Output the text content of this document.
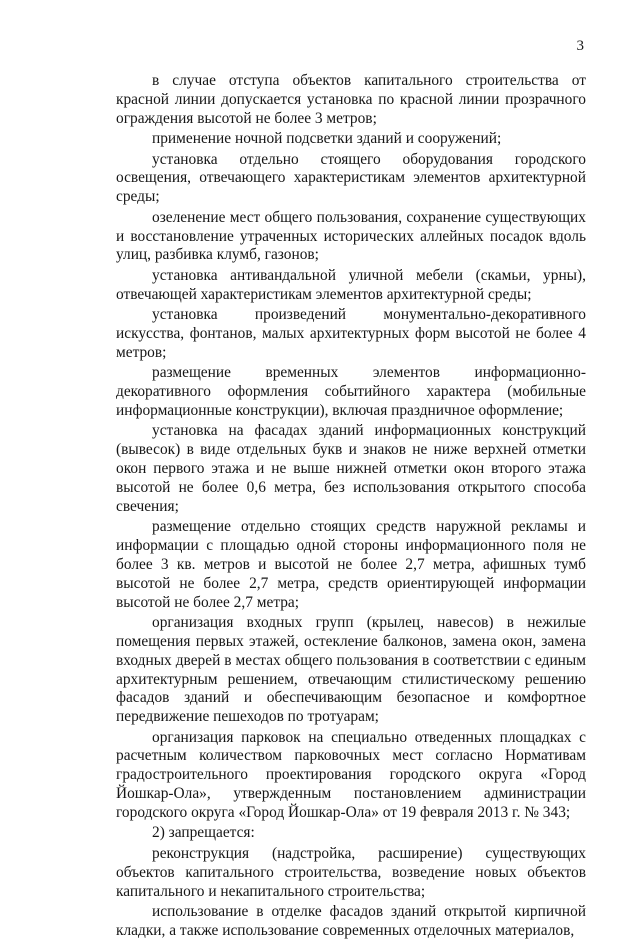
3

в случае отступа объектов капитального строительства от красной линии допускается установка по красной линии прозрачного ограждения высотой не более 3 метров;

применение ночной подсветки зданий и сооружений;

установка отдельно стоящего оборудования городского освещения, отвечающего характеристикам элементов архитектурной среды;

озеленение мест общего пользования, сохранение существующих и восстановление утраченных исторических аллейных посадок вдоль улиц, разбивка клумб, газонов;

установка антивандальной уличной мебели (скамьи, урны), отвечающей характеристикам элементов архитектурной среды;

установка произведений монументально-декоративного искусства, фонтанов, малых архитектурных форм высотой не более 4 метров;

размещение временных элементов информационно-декоративного оформления событийного характера (мобильные информационные конструкции), включая праздничное оформление;

установка на фасадах зданий информационных конструкций (вывесок) в виде отдельных букв и знаков не ниже верхней отметки окон первого этажа и не выше нижней отметки окон второго этажа высотой не более 0,6 метра, без использования открытого способа свечения;

размещение отдельно стоящих средств наружной рекламы и информации с площадью одной стороны информационного поля не более 3 кв. метров и высотой не более 2,7 метра, афишных тумб высотой не более 2,7 метра, средств ориентирующей информации высотой не более 2,7 метра;

организация входных групп (крылец, навесов) в нежилые помещения первых этажей, остекление балконов, замена окон, замена входных дверей в местах общего пользования в соответствии с единым архитектурным решением, отвечающим стилистическому решению фасадов зданий и обеспечивающим безопасное и комфортное передвижение пешеходов по тротуарам;

организация парковок на специально отведенных площадках с расчетным количеством парковочных мест согласно Нормативам градостроительного проектирования городского округа «Город Йошкар-Ола», утвержденным постановлением администрации городского округа «Город Йошкар-Ола» от 19 февраля 2013 г. № 343;

2) запрещается:

реконструкция (надстройка, расширение) существующих объектов капитального строительства, возведение новых объектов капитального и некапитального строительства;

использование в отделке фасадов зданий открытой кирпичной кладки, а также использование современных отделочных материалов,
